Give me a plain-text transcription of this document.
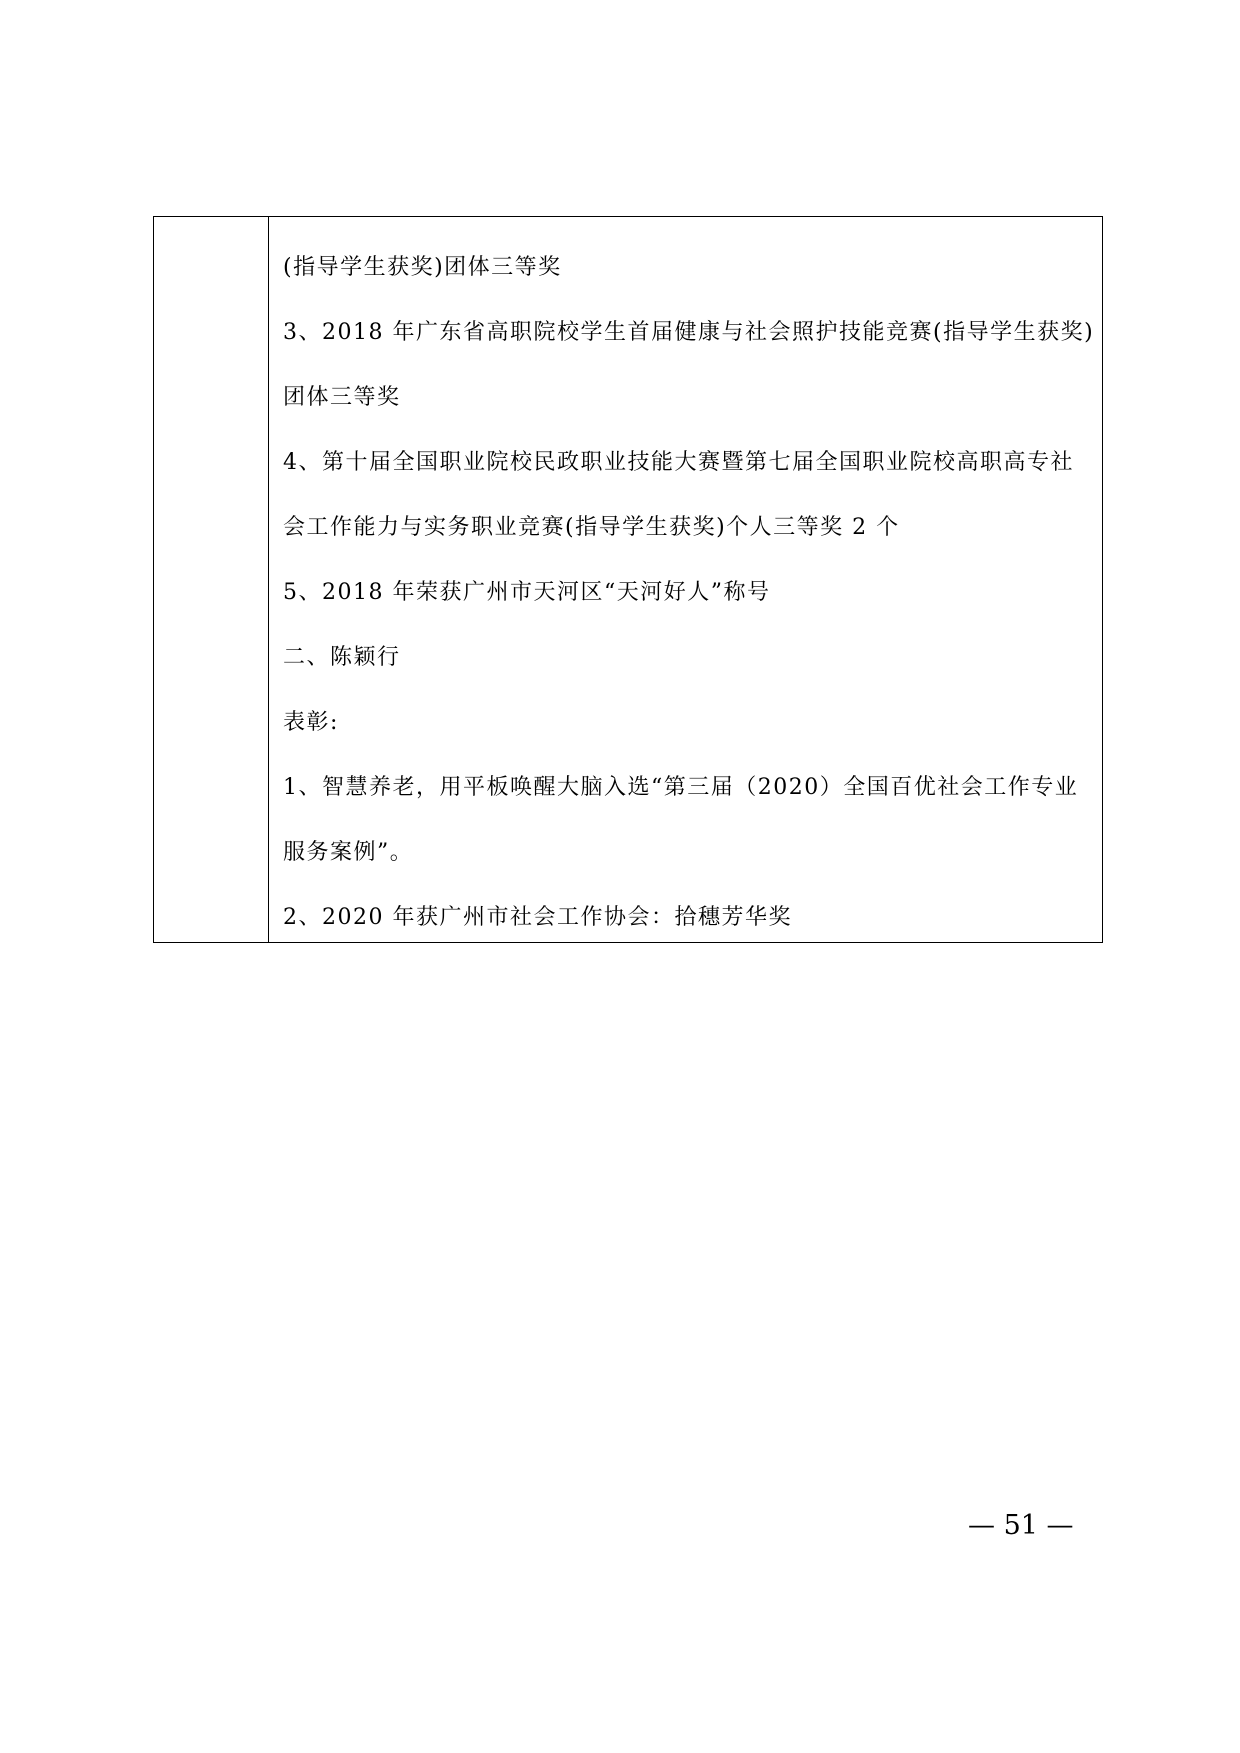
(指导学生获奖)团体三等奖
3、2018 年广东省高职院校学生首届健康与社会照护技能竞赛(指导学生获奖)
团体三等奖
4、第十届全国职业院校民政职业技能大赛暨第七届全国职业院校高职高专社
会工作能力与实务职业竞赛(指导学生获奖)个人三等奖 2 个
5、2018 年荣获广州市天河区“天河好人”称号
二、陈颖行
表彰:
1、智慧养老，用平板唤醒大脑入选“第三届（2020）全国百优社会工作专业
服务案例”。
2、2020 年获广州市社会工作协会：拾穗芳华奖
— 51 —
